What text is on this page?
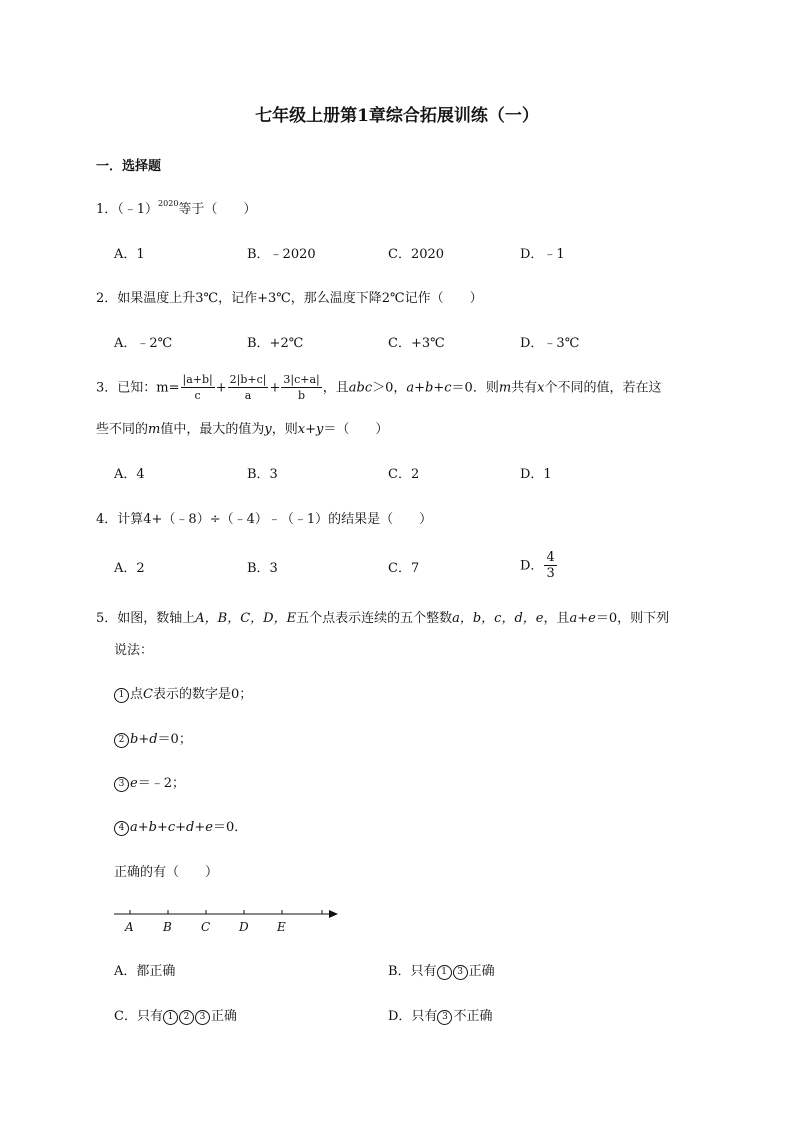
七年级上册第1章综合拓展训练（一）
一．选择题
1．（﹣1）$^{2020}$等于（　　）
A．1	B．﹣2020	C．2020	D．﹣1
2．如果温度上升3℃，记作+3℃，那么温度下降2℃记作（　　）
A．﹣2℃	B．+2℃	C．+3℃	D．﹣3℃
3．已知：$m= \frac{|a+b|}{c} + \frac{2|b+c|}{a} + \frac{3|c+a|}{b}$ ，且abc＞0，a+b+c＝0．则m共有x个不同的值，若在这
些不同的m值中，最大的值为y，则x+y＝（　　）
A．4	B．3	C．2	D．1
4．计算4+（﹣8）÷（﹣4）﹣（﹣1）的结果是（　　）
A．2	B．3	C．7	D． $\frac{4}{3}$
5．如图，数轴上A，B，C，D，E五个点表示连续的五个整数a，b，c，d，e，且a+e＝0，则下列
说法：
1 点C表示的数字是0；
2 b+d＝0；
3 e＝﹣2；
4 a+b+c+d+e＝0．
正确的有（　　）
A B C D E
A．都正确	B．只有 1 3 正确
C．只有 1 2 3 正确	D．只有 3 不正确
